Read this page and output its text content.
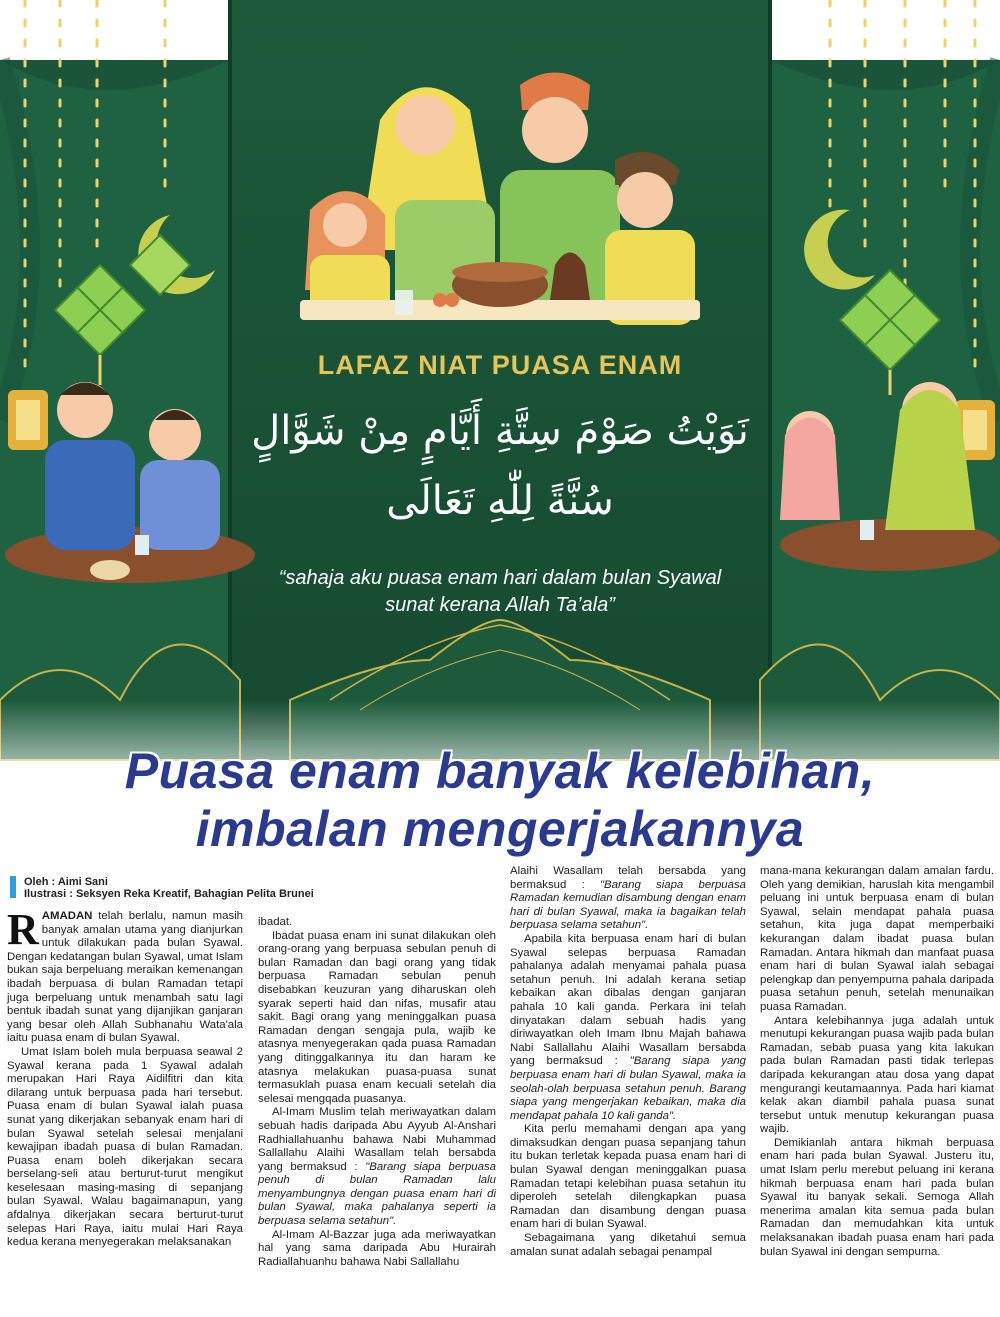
LAFAZ NIAT PUASA ENAM
نَوَيْتُ صَوْمَ سِتَّةِ أَيَّامٍ مِنْ شَوَّالٍ
سُنَّةً لِلّٰهِ تَعَالَى
“sahaja aku puasa enam hari dalam bulan Syawal
sunat kerana Allah Ta’ala”
Puasa enam banyak kelebihan,
imbalan mengerjakannya
Oleh : Aimi Sani
Ilustrasi : Seksyen Reka Kreatif, Bahagian Pelita Brunei

RAMADAN telah berlalu, namun masih banyak amalan utama yang dianjurkan untuk dilakukan pada bulan Syawal. Dengan kedatangan bulan Syawal, umat Islam bukan saja berpeluang meraikan kemenangan ibadah berpuasa di bulan Ramadan tetapi juga berpeluang untuk menambah satu lagi bentuk ibadah sunat yang dijanjikan ganjaran yang besar oleh Allah Subhanahu Wata'ala iaitu puasa enam di bulan Syawal.

Umat Islam boleh mula berpuasa seawal 2 Syawal kerana pada 1 Syawal adalah merupakan Hari Raya Aidilfitri dan kita dilarang untuk berpuasa pada hari tersebut. Puasa enam di bulan Syawal ialah puasa sunat yang dikerjakan sebanyak enam hari di bulan Syawal setelah selesai menjalani kewajipan ibadah puasa di bulan Ramadan. Puasa enam boleh dikerjakan secara berselang-seli atau berturut-turut mengikut keselesaan masing-masing di sepanjang bulan Syawal. Walau bagaimanapun, yang afdalnya dikerjakan secara berturut-turut selepas Hari Raya, iaitu mulai Hari Raya kedua kerana menyegerakan melaksanakan

ibadat.

Ibadat puasa enam ini sunat dilakukan oleh orang-orang yang berpuasa sebulan penuh di bulan Ramadan dan bagi orang yang tidak berpuasa Ramadan sebulan penuh disebabkan keuzuran yang diharuskan oleh syarak seperti haid dan nifas, musafir atau sakit. Bagi orang yang meninggalkan puasa Ramadan dengan sengaja pula, wajib ke atasnya menyegerakan qada puasa Ramadan yang ditinggalkannya itu dan haram ke atasnya melakukan puasa-puasa sunat termasuklah puasa enam kecuali setelah dia selesai mengqada puasanya.

Al-Imam Muslim telah meriwayatkan dalam sebuah hadis daripada Abu Ayyub Al-Anshari Radhiallahuanhu bahawa Nabi Muhammad Sallallahu Alaihi Wasallam telah bersabda yang bermaksud : "Barang siapa berpuasa penuh di bulan Ramadan lalu menyambungnya dengan puasa enam hari di bulan Syawal, maka pahalanya seperti ia berpuasa selama setahun".

Al-Imam Al-Bazzar juga ada meriwayatkan hal yang sama daripada Abu Hurairah Radiallahuanhu bahawa Nabi Sallallahu

Alaihi Wasallam telah bersabda yang bermaksud : "Barang siapa berpuasa Ramadan kemudian disambung dengan enam hari di bulan Syawal, maka ia bagaikan telah berpuasa selama setahun".

Apabila kita berpuasa enam hari di bulan Syawal selepas berpuasa Ramadan pahalanya adalah menyamai pahala puasa setahun penuh. Ini adalah kerana setiap kebaikan akan dibalas dengan ganjaran pahala 10 kali ganda. Perkara ini telah dinyatakan dalam sebuah hadis yang diriwayatkan oleh Imam Ibnu Majah bahawa Nabi Sallallahu Alaihi Wasallam bersabda yang bermaksud : "Barang siapa yang berpuasa enam hari di bulan Syawal, maka ia seolah-olah berpuasa setahun penuh. Barang siapa yang mengerjakan kebaikan, maka dia mendapat pahala 10 kali ganda".

Kita perlu memahami dengan apa yang dimaksudkan dengan puasa sepanjang tahun itu bukan terletak kepada puasa enam hari di bulan Syawal dengan meninggalkan puasa Ramadan tetapi kelebihan puasa setahun itu diperoleh setelah dilengkapkan puasa Ramadan dan disambung dengan puasa enam hari di bulan Syawal.

Sebagaimana yang diketahui semua amalan sunat adalah sebagai penampal

mana-mana kekurangan dalam amalan fardu. Oleh yang demikian, haruslah kita mengambil peluang ini untuk berpuasa enam di bulan Syawal, selain mendapat pahala puasa setahun, kita juga dapat memperbaiki kekurangan dalam ibadat puasa bulan Ramadan. Antara hikmah dan manfaat puasa enam hari di bulan Syawal ialah sebagai pelengkap dan penyempurna pahala daripada puasa setahun penuh, setelah menunaikan puasa Ramadan.

Antara kelebihannya juga adalah untuk menutupi kekurangan puasa wajib pada bulan Ramadan, sebab puasa yang kita lakukan pada bulan Ramadan pasti tidak terlepas daripada kekurangan atau dosa yang dapat mengurangi keutamaannya. Pada hari kiamat kelak akan diambil pahala puasa sunat tersebut untuk menutup kekurangan puasa wajib.

Demikianlah antara hikmah berpuasa enam hari pada bulan Syawal. Justeru itu, umat Islam perlu merebut peluang ini kerana hikmah berpuasa enam hari pada bulan Syawal itu banyak sekali. Semoga Allah menerima amalan kita semua pada bulan Ramadan dan memudahkan kita untuk melaksanakan ibadah puasa enam hari pada bulan Syawal ini dengan sempurna.
